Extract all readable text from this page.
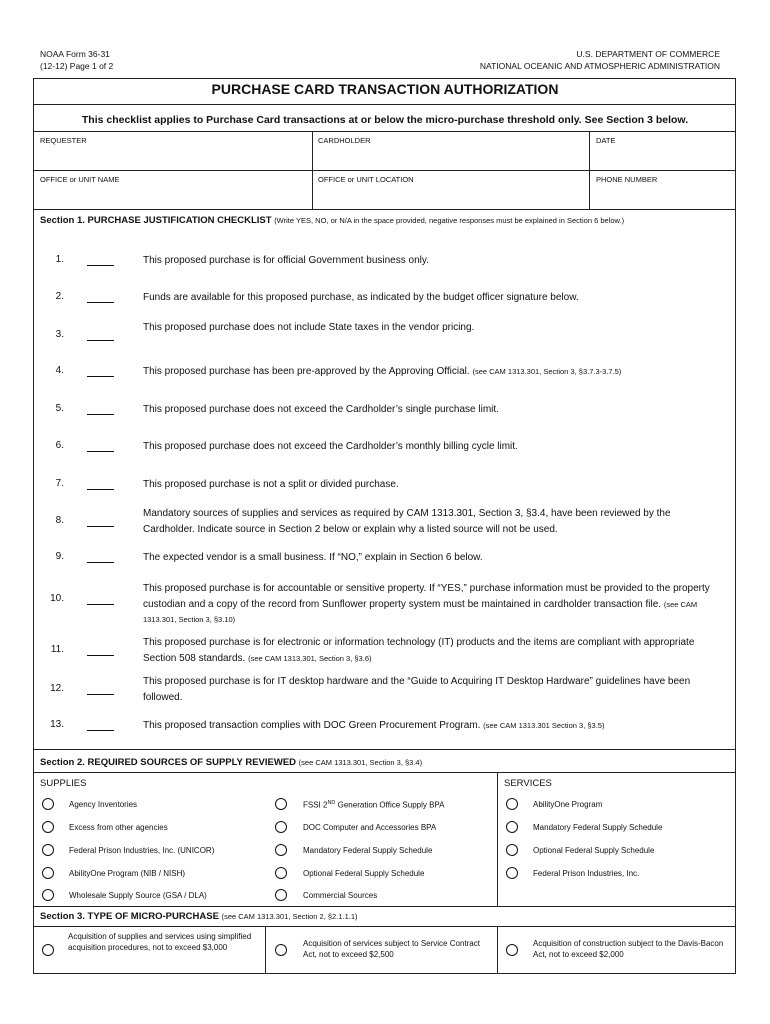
NOAA Form 36-31
(12-12) Page 1 of 2
U.S. DEPARTMENT OF COMMERCE
NATIONAL OCEANIC AND ATMOSPHERIC ADMINISTRATION
PURCHASE CARD TRANSACTION AUTHORIZATION
This checklist applies to Purchase Card transactions at or below the micro-purchase threshold only. See Section 3 below.
REQUESTER	CARDHOLDER	DATE
OFFICE or UNIT NAME	OFFICE or UNIT LOCATION	PHONE NUMBER
Section 1. PURCHASE JUSTIFICATION CHECKLIST (Write YES, NO, or N/A in the space provided, negative responses must be explained in Section 6 below.)
1.	This proposed purchase is for official Government business only.
2.	Funds are available for this proposed purchase, as indicated by the budget officer signature below.
3.
This proposed purchase does not include State taxes in the vendor pricing.
4.	This proposed purchase has been pre-approved by the Approving Official. (see CAM 1313.301, Section 3, §3.7.3-3.7.5)
5.	This proposed purchase does not exceed the Cardholder’s single purchase limit.
6.	This proposed purchase does not exceed the Cardholder’s monthly billing cycle limit.
7.	This proposed purchase is not a split or divided purchase.
8.
Mandatory sources of supplies and services as required by CAM 1313.301, Section 3, §3.4, have been reviewed by the Cardholder. Indicate source in Section 2 below or explain why a listed source will not be used.
9.	The expected vendor is a small business. If “NO,” explain in Section 6 below.
10.
This proposed purchase is for accountable or sensitive property. If “YES,” purchase information must be provided to the property custodian and a copy of the record from Sunflower property system must be maintained in cardholder transaction file. (see CAM 1313.301, Section 3, §3.10)
11.
This proposed purchase is for electronic or information technology (IT) products and the items are compliant with appropriate Section 508 standards. (see CAM 1313.301, Section 3, §3.6)
12.
This proposed purchase is for IT desktop hardware and the “Guide to Acquiring IT Desktop Hardware” guidelines have been followed.
13.	This proposed transaction complies with DOC Green Procurement Program. (see CAM 1313.301 Section 3, §3.5)
Section 2. REQUIRED SOURCES OF SUPPLY REVIEWED (see CAM 1313.301, Section 3, §3.4)
SUPPLIES	SERVICES
Agency Inventories
Excess from other agencies
Federal Prison Industries, Inc. (UNICOR)
AbilityOne Program (NIB / NISH)
Wholesale Supply Source (GSA / DLA)
FSSI 2ND Generation Office Supply BPA
DOC Computer and Accessories BPA
Mandatory Federal Supply Schedule
Optional Federal Supply Schedule
Commercial Sources
AbilityOne Program
Mandatory Federal Supply Schedule
Optional Federal Supply Schedule
Federal Prison Industries, Inc.
Section 3. TYPE OF MICRO-PURCHASE (see CAM 1313.301, Section 2, §2.1.1.1)
Acquisition of supplies and services using simplified acquisition procedures, not to exceed $3,000	Acquisition of services subject to Service Contract Act, not to exceed $2,500
Acquisition of construction subject to the Davis-Bacon Act, not to exceed $2,000
